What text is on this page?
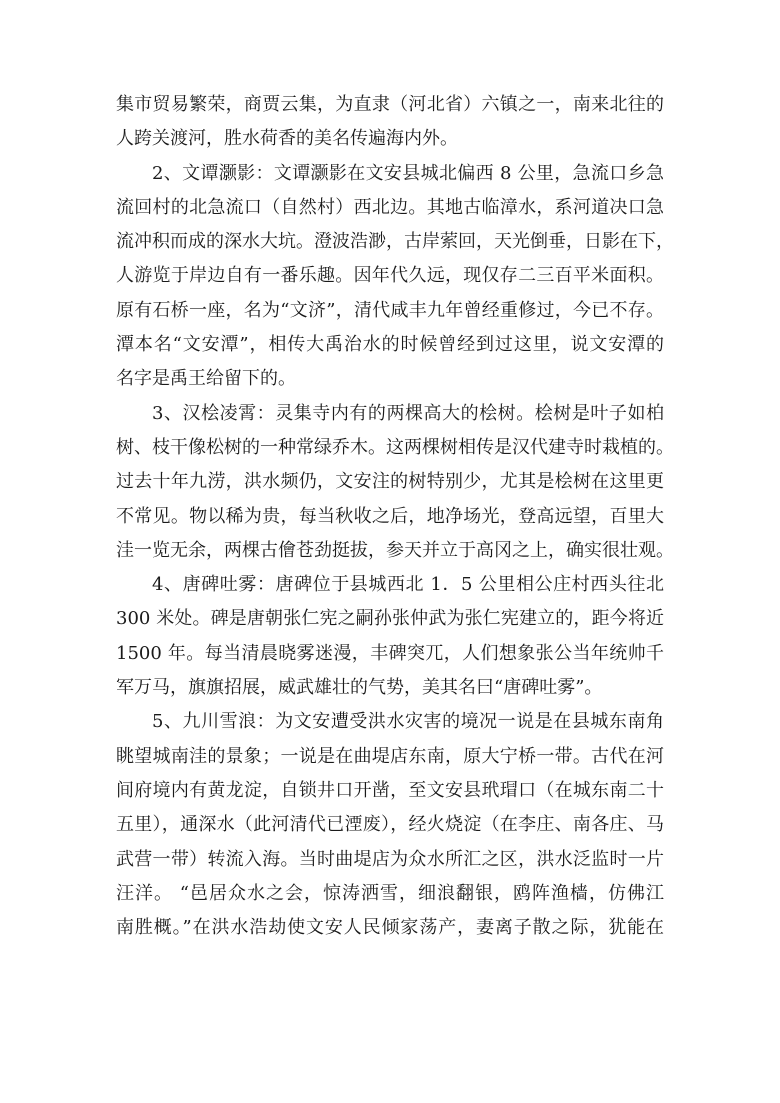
集市贸易繁荣，商贾云集，为直隶（河北省）六镇之一，南来北往的
人跨关渡河，胜水荷香的美名传遍海内外。
2、文谭灏影：文谭灏影在文安县城北偏西 8 公里，急流口乡急
流回村的北急流口（自然村）西北边。其地古临漳水，系河道决口急
流冲积而成的深水大坑。澄波浩渺，古岸萦回，天光倒垂，日影在下，
人游览于岸边自有一番乐趣。因年代久远，现仅存二三百平米面积。
原有石桥一座，名为“文济”，清代咸丰九年曾经重修过，今已不存。
潭本名“文安潭”，相传大禹治水的时候曾经到过这里，说文安潭的
名字是禹王给留下的。
3、汉桧凌霄：灵集寺内有的两棵高大的桧树。桧树是叶子如柏
树、枝干像松树的一种常绿乔木。这两棵树相传是汉代建寺时栽植的。
过去十年九涝，洪水频仍，文安注的树特别少，尤其是桧树在这里更
不常见。物以稀为贵，每当秋收之后，地净场光，登高远望，百里大
洼一览无余，两棵古儈苍劲挺拔，参天并立于高冈之上，确实很壮观。
4、唐碑吐雾：唐碑位于县城西北 1．5 公里相公庄村西头往北
300 米处。碑是唐朝张仁宪之嗣孙张仲武为张仁宪建立的，距今将近
1500 年。每当清晨晓雾迷漫，丰碑突兀，人们想象张公当年统帅千
军万马，旗旗招展，威武雄壮的气势，美其名曰“唐碑吐雾”。
5、九川雪浪：为文安遭受洪水灾害的境况一说是在县城东南角
眺望城南洼的景象；一说是在曲堤店东南，原大宁桥一带。古代在河
间府境内有黄龙淀，自锁井口开凿，至文安县玳瑁口（在城东南二十
五里），通深水（此河清代已湮废），经火烧淀（在李庄、南各庄、马
武营一带）转流入海。当时曲堤店为众水所汇之区，洪水泛监时一片
汪洋。 “邑居众水之会，惊涛洒雪，细浪翻银，鸥阵渔樯，仿佛江
南胜概。”在洪水浩劫使文安人民倾家荡产，妻离子散之际，犹能在
